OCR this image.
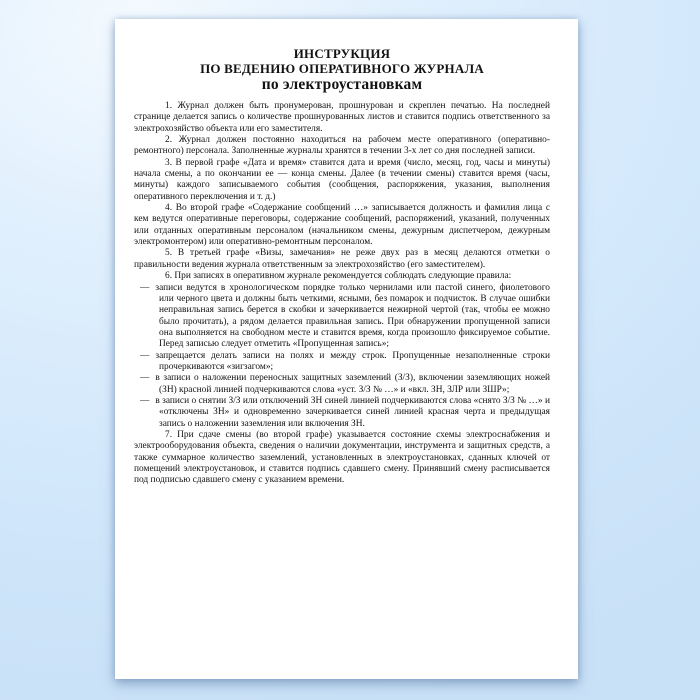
ИНСТРУКЦИЯ
ПО ВЕДЕНИЮ ОПЕРАТИВНОГО ЖУРНАЛА
по электроустановкам

1. Журнал должен быть пронумерован, прошнурован и скреплен печатью. На последней странице делается запись о количестве прошнурованных листов и ставится подпись ответственного за электрохозяйство объекта или его заместителя.

2. Журнал должен постоянно находиться на рабочем месте оперативного (оперативно-ремонтного) персонала. Заполненные журналы хранятся в течении 3-х лет со дня последней записи.

3. В первой графе «Дата и время» ставится дата и время (число, месяц, год, часы и минуты) начала смены, а по окончании ее — конца смены. Далее (в течении смены) ставится время (часы, минуты) каждого записываемого события (сообщения, распоряжения, указания, выполнения оперативного переключения и т. д.)

4. Во второй графе «Содержание сообщений …» записывается должность и фамилия лица с кем ведутся оперативные переговоры, содержание сообщений, распоряжений, указаний, полученных или отданных оперативным персоналом (начальником смены, дежурным диспетчером, дежурным электромонтером) или оперативно-ремонтным персоналом.

5. В третьей графе «Визы, замечания» не реже двух раз в месяц делаются отметки о правильности ведения журнала ответственным за электрохозяйство (его заместителем).

6. При записях в оперативном журнале рекомендуется соблюдать следующие правила:

— записи ведутся в хронологическом порядке только чернилами или пастой синего, фиолетового или черного цвета и должны быть четкими, ясными, без помарок и подчисток. В случае ошибки неправильная запись берется в скобки и зачеркивается нежирной чертой (так, чтобы ее можно было прочитать), а рядом делается правильная запись. При обнаружении пропущенной записи она выполняется на свободном месте и ставится время, когда произошло фиксируемое событие. Перед записью следует отметить «Пропущенная запись»;

— запрещается делать записи на полях и между строк. Пропущенные незаполненные строки прочеркиваются «зигзагом»;

— в записи о наложении переносных защитных заземлений (З/З), включении заземляющих ножей (ЗН) красной линией подчеркиваются слова «уст. З/З № …» и «вкл. ЗН, ЗЛР или ЗШР»;

— в записи о снятии З/З или отключений ЗН синей линией подчеркиваются слова «снято З/З № …» и «отключены ЗН» и одновременно зачеркивается синей линией красная черта и предыдущая запись о наложении заземления или включения ЗН.

7. При сдаче смены (во второй графе) указывается состояние схемы электроснабжения и электрооборудования объекта, сведения о наличии документации, инструмента и защитных средств, а также суммарное количество заземлений, установленных в электроустановках, сданных ключей от помещений электроустановок, и ставится подпись сдавшего смену. Принявший смену расписывается под подписью сдавшего смену с указанием времени.
